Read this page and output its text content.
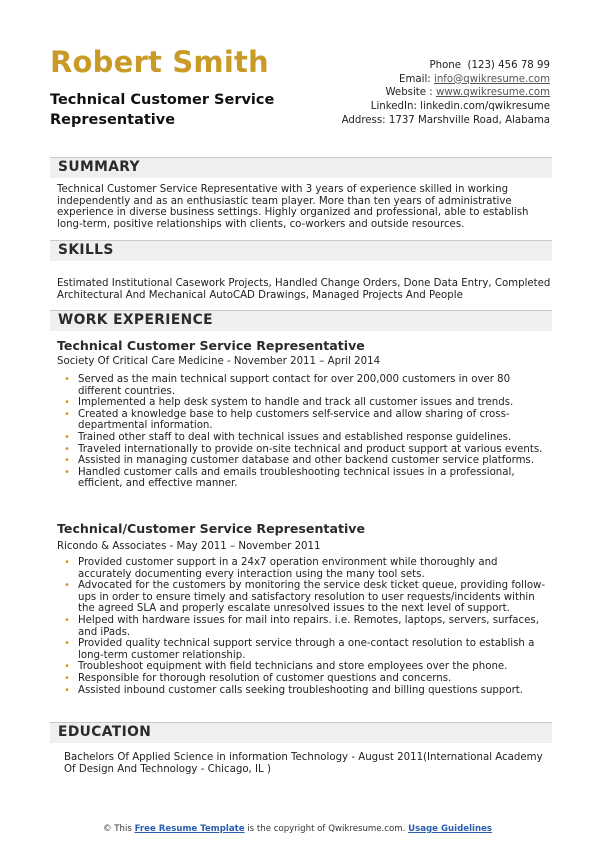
Robert Smith
Technical Customer Service Representative
Phone (123) 456 78 99
Email: info@qwikresume.com
Website : www.qwikresume.com
LinkedIn: linkedin.com/qwikresume
Address: 1737 Marshville Road, Alabama
SUMMARY
Technical Customer Service Representative with 3 years of experience skilled in working independently and as an enthusiastic team player. More than ten years of administrative experience in diverse business settings. Highly organized and professional, able to establish long-term, positive relationships with clients, co-workers and outside resources.
SKILLS
Estimated Institutional Casework Projects, Handled Change Orders, Done Data Entry, Completed Architectural And Mechanical AutoCAD Drawings, Managed Projects And People
WORK EXPERIENCE
Technical Customer Service Representative
Society Of Critical Care Medicine - November 2011 – April 2014
• Served as the main technical support contact for over 200,000 customers in over 80 different countries.
• Implemented a help desk system to handle and track all customer issues and trends.
• Created a knowledge base to help customers self-service and allow sharing of cross-departmental information.
• Trained other staff to deal with technical issues and established response guidelines.
• Traveled internationally to provide on-site technical and product support at various events.
• Assisted in managing customer database and other backend customer service platforms.
• Handled customer calls and emails troubleshooting technical issues in a professional, efficient, and effective manner.
Technical/Customer Service Representative
Ricondo & Associates - May 2011 – November 2011
• Provided customer support in a 24x7 operation environment while thoroughly and accurately documenting every interaction using the many tool sets.
• Advocated for the customers by monitoring the service desk ticket queue, providing follow-ups in order to ensure timely and satisfactory resolution to user requests/incidents within the agreed SLA and properly escalate unresolved issues to the next level of support.
• Helped with hardware issues for mail into repairs. i.e. Remotes, laptops, servers, surfaces, and iPads.
• Provided quality technical support service through a one-contact resolution to establish a long-term customer relationship.
• Troubleshoot equipment with field technicians and store employees over the phone.
• Responsible for thorough resolution of customer questions and concerns.
• Assisted inbound customer calls seeking troubleshooting and billing questions support.
EDUCATION
Bachelors Of Applied Science in information Technology - August 2011(International Academy Of Design And Technology - Chicago, IL )
© This Free Resume Template is the copyright of Qwikresume.com. Usage Guidelines
